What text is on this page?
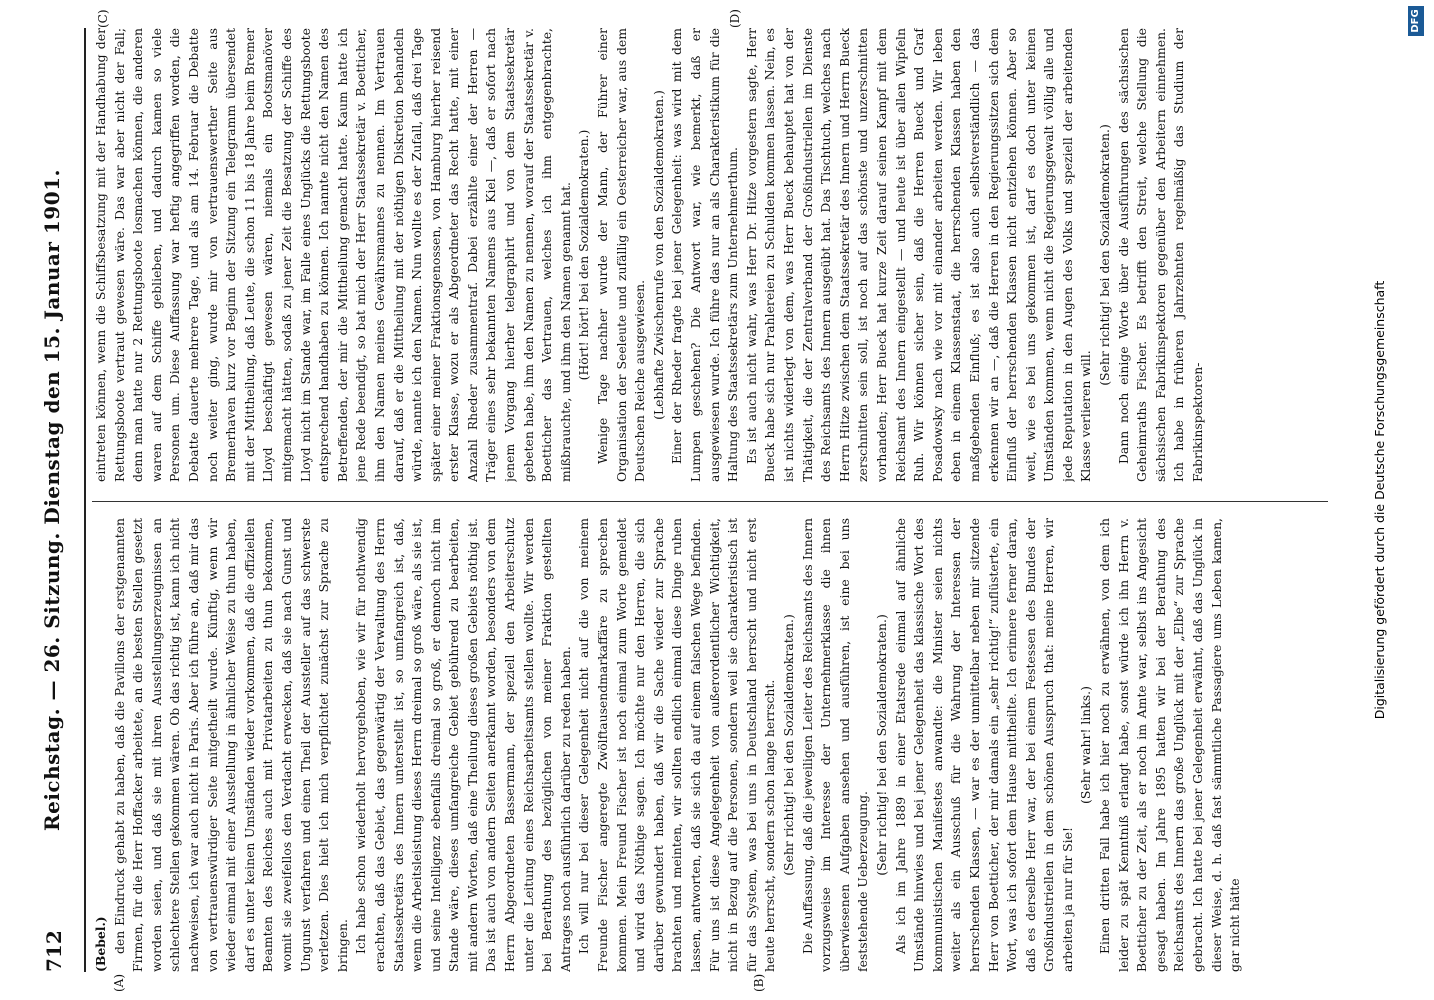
712
Reichstag. — 26. Sitzung. Dienstag den 15. Januar 1901.

(Bebel.) den Eindruck gehabt zu haben, daß die Pavillons der erstgenannten Firmen, für die Herr Hoffacker arbeitete, an die besten Stellen gesetzt worden seien, und daß sie mit ihren Ausstellungserzeugnissen an schlechtere Stellen gekommen wären. Ob das richtig ist, kann ich nicht nachweisen, ich war auch nicht in Paris. Aber ich führe an, daß mir das von vertrauenswürdiger Seite mitgetheilt wurde. Künftig, wenn wir wieder einmal mit einer Ausstellung in ähnlicher Weise zu thun haben, darf es unter keinen Umständen wieder vorkommen, daß die offiziellen Beamten des Reiches auch mit Privatarbeiten zu thun bekommen, womit sie zweifellos den Verdacht erwecken, daß sie nach Gunst und Ungunst verfahren und einen Theil der Aussteller auf das schwerste verletzen. Dies hielt ich mich verpflichtet zunächst zur Sprache zu bringen. Ich habe schon wiederholt hervorgehoben, wie wir für nothwendig erachten, daß das Gebiet, das gegenwärtig der Verwaltung des Herrn Staatssekretärs des Innern unterstellt ist, so umfangreich ist, daß, wenn die Arbeitsleistung dieses Herrn dreimal so groß wäre, als sie ist, und seine Intelligenz ebenfalls dreimal so groß, er dennoch nicht im Stande wäre, dieses umfangreiche Gebiet gebührend zu bearbeiten, mit andern Worten, daß eine Theilung dieses großen Gebiets nöthig ist. Das ist auch von andern Seiten anerkannt worden, besonders von dem Herrn Abgeordneten Bassermann, der speziell den Arbeiterschutz unter die Leitung eines Reichsarbeitsamts stellen wollte. Wir werden bei Berathung des bezüglichen von meiner Fraktion gestellten Antrages noch ausführlich darüber zu reden haben. Ich will nur bei dieser Gelegenheit nicht auf die von meinem Freunde Fischer angeregte Zwölftausendmarkaffäre zu sprechen kommen. Mein Freund Fischer ist noch einmal zum Worte gemeldet und wird das Nöthige sagen. Ich möchte nur den Herren, die sich darüber gewundert haben, daß wir die Sache wieder zur Sprache brachten und meinten, wir sollten endlich einmal diese Dinge ruhen lassen, antworten, daß sie sich da auf einem falschen Wege befinden. Für uns ist diese Angelegenheit von außerordentlicher Wichtigkeit, nicht in Bezug auf die Personen, sondern weil sie charakteristisch ist für das System, was bei uns in Deutschland herrscht und nicht erst heute herrscht, sondern schon lange herrscht. (Sehr richtig! bei den Sozialdemokraten.) Die Auffassung, daß die jeweiligen Leiter des Reichsamts des Innern vorzugsweise im Interesse der Unternehmerklasse die ihnen überwiesenen Aufgaben ansehen und ausführen, ist eine bei uns feststehende Ueberzeugung.

(Sehr richtig! bei den Sozialdemokraten.) Als ich im Jahre 1889 in einer Etatsrede einmal auf ähnliche Umstände hinwies und bei jener Gelegenheit das klassische Wort des kommunistischen Manifestes anwandte: die Minister seien nichts weiter als ein Ausschuß für die Wahrung der Interessen der herrschenden Klassen, — war es der unmittelbar neben mir sitzende Herr von Boetticher, der mir damals ein „sehr richtig!“ zuflüsterte, ein Wort, was ich sofort dem Hause mittheilte. Ich erinnere ferner daran, daß es derselbe Herr war, der bei einem Festessen des Bundes der Großindustriellen in dem schönen Ausspruch that: meine Herren, wir arbeiten ja nur für Sie!

(Sehr wahr! links.) Einen dritten Fall habe ich hier noch zu erwähnen, von dem ich leider zu spät Kenntniß erlangt habe, sonst würde ich ihn Herrn v. Boetticher zu der Zeit, als er noch im Amte war, selbst ins Angesicht gesagt haben. Im Jahre 1895 hatten wir bei der Berathung des Reichsamts des Innern das große Unglück mit der „Elbe“ zur Sprache gebracht. Ich hatte bei jener Gelegenheit erwähnt, daß das Unglück in dieser Weise, d. h. daß fast sämmtliche Passagiere ums Leben kamen, gar nicht hätte

eintreten können, wenn die Schiffsbesatzung mit der Handhabung der Rettungsboote vertraut gewesen wäre. Das war aber nicht der Fall; denn man hatte nur 2 Rettungsboote losmachen können, die anderen waren auf dem Schiffe geblieben, und dadurch kamen so viele Personen um. Diese Auffassung war heftig angegriffen worden, die Debatte dauerte mehrere Tage, und als am 14. Februar die Debatte noch weiter ging, wurde mir von vertrauenswerther Seite aus Bremerhaven kurz vor Beginn der Sitzung ein Telegramm übersendet mit der Mittheilung, daß Leute, die schon 11 bis 18 Jahre beim Bremer Lloyd beschäftigt gewesen wären, niemals ein Bootsmanöver mitgemacht hätten, sodaß zu jener Zeit die Besatzung der Schiffe des Lloyd nicht im Stande war, im Falle eines Unglücks die Rettungsboote entsprechend handhaben zu können. Ich nannte nicht den Namen des Betreffenden, der mir die Mittheilung gemacht hatte. Kaum hatte ich jene Rede beendigt, so bat mich der Herr Staatssekretär v. Boetticher, ihm den Namen meines Gewährsmannes zu nennen. Im Vertrauen darauf, daß er die Mittheilung mit der nöthigen Diskretion behandeln würde, nannte ich den Namen. Nun wollte es der Zufall, daß drei Tage später einer meiner Fraktionsgenossen, von Hamburg hierher reisend erster Klasse, wozu er als Abgeordneter das Recht hatte, mit einer Anzahl Rheder zusammentraf. Dabei erzählte einer der Herren — Träger eines sehr bekannten Namens aus Kiel —, daß er sofort nach jenem Vorgang hierher telegraphirt und von dem Staatssekretär gebeten habe, ihm den Namen zu nennen, worauf der Staatssekretär v. Boetticher das Vertrauen, welches ich ihm entgegenbrachte, mißbrauchte, und ihm den Namen genannt hat. (Hört! hört! bei den Sozialdemokraten.) Wenige Tage nachher wurde der Mann, der Führer einer Organisation der Seeleute und zufällig ein Oesterreicher war, aus dem Deutschen Reiche ausgewiesen. (Lebhafte Zwischenrufe von den Sozialdemokraten.) Einer der Rheder fragte bei jener Gelegenheit: was wird mit dem Lumpen geschehen? Die Antwort war, wie bemerkt, daß er ausgewiesen wurde. Ich führe das nur an als Charakteristikum für die Haltung des Staatssekretärs zum Unternehmerthum. Es ist auch nicht wahr, was Herr Dr. Hitze vorgestern sagte, Herr Bueck habe sich nur Prahlereien zu Schulden kommen lassen. Nein, es ist nichts widerlegt von dem, was Herr Bueck behauptet hat von der Thätigkeit, die der Zentralverband der Großindustriellen im Dienste des Reichsamts des Innern ausgeübt hat. Das Tischtuch, welches nach Herrn Hitze zwischen dem Staatssekretär des Innern und Herrn Bueck zerschnitten sein soll, ist noch auf das schönste und unzerschnitten vorhanden; Herr Bueck hat kurze Zeit darauf seinen Kampf mit dem Reichsamt des Innern eingestellt — und heute ist über allen Wipfeln Ruh. Wir können sicher sein, daß die Herren Bueck und Graf Posadowsky nach wie vor mit einander arbeiten werden. Wir leben eben in einem Klassenstaat, die herrschenden Klassen haben den maßgebenden Einfluß; es ist also auch selbstverständlich — das erkennen wir an —, daß die Herren in den Regierungssitzen sich dem Einfluß der herrschenden Klassen nicht entziehen können. Aber so weit, wie es bei uns gekommen ist, darf es doch unter keinen Umständen kommen, wenn nicht die Regierungsgewalt völlig alle und jede Reputation in den Augen des Volks und speziell der arbeitenden Klasse verlieren will.

(Sehr richtig! bei den Sozialdemokraten.) Dann noch einige Worte über die Ausführungen des sächsischen Geheimraths Fischer. Es betrifft den Streit, welche Stellung die sächsischen Fabrikinspektoren gegenüber den Arbeitern einnehmen. Ich habe in früheren Jahrzehnten regelmäßig das Studium der Fabrikinspektoren-

(A)	(B)
(C)	(D)
Digitalisierung gefördert durch die Deutsche Forschungsgemeinschaft
DFG
